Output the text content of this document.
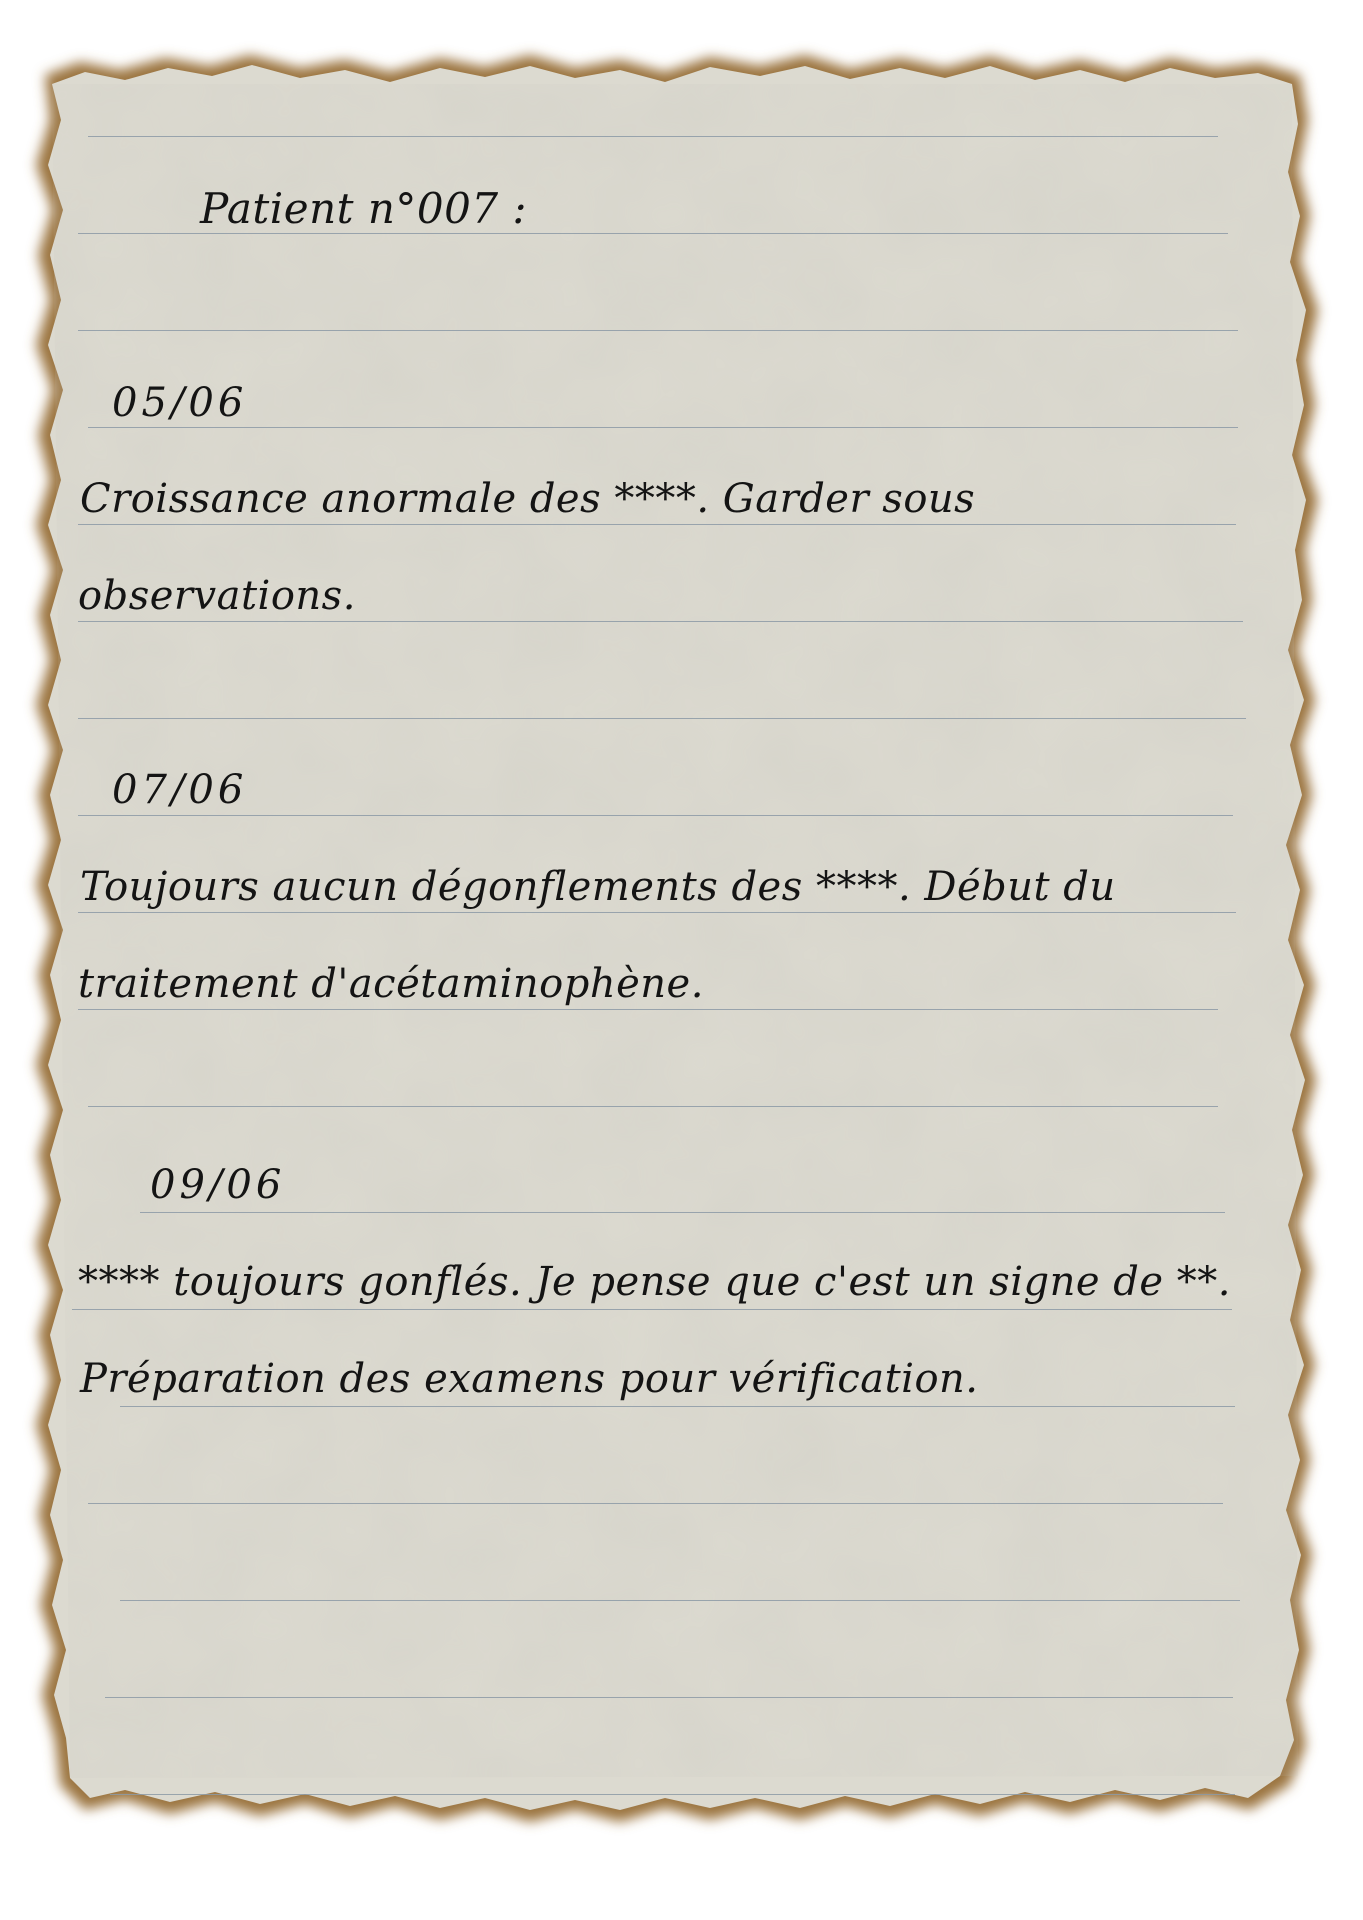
Patient n°007 :
05/06
Croissance anormale des ****. Garder sous
observations.
07/06
Toujours aucun dégonflements des ****. Début du
traitement d'acétaminophène.
09/06
**** toujours gonflés. Je pense que c'est un signe de **.
Préparation des examens pour vérification.
